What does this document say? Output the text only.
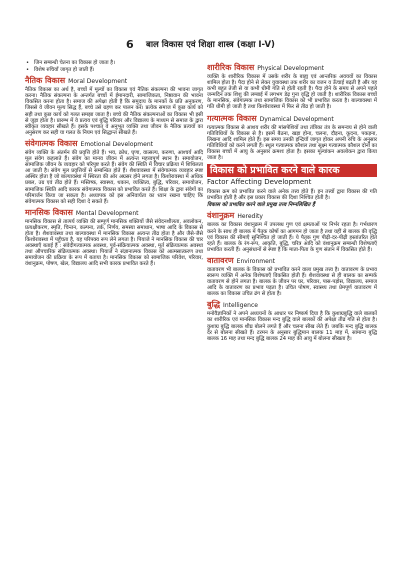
6 बाल विकास एवं शिक्षा शास्त्र (कक्षा I-V)

• जिन सम्बन्धी चेतना का विकास हो जाता है।

• विशेष रुचियाँ जागृत हो जाती हैं।

नैतिक विकास Moral Development

नैतिक विकास का अर्थ है, बच्चों में मूल्यों का विकास एवं नैतिक संकल्पना की भावना जागृत करना। नैतिक संकल्पना के अन्तर्गत बच्चों में ईमानदारी, सामाजिकता, निष्ठावान की भावना विकसित करना होता है। समाज की अपेक्षा होती है कि समुदाय के मानकों के प्रति अनुकरण, जिससे वे जीवन मूल्य सिद्ध हैं, बच्चे उसे ग्रहण कर पालन करें। प्रत्येक समाज में कुछ कार्य को सही तथा कुछ कार्य को गलत समझा जाता है। बच्चे की नैतिक संकल्पनाओं का विकास भी इसी से जुड़ा होता है। प्रारम्भ में वे प्रत्यय एवं बुद्धि परिवार और विद्यालय के माध्यम से समाज के द्वारा स्वीकृत व्यवहार सीखते हैं। इसके पश्चात् वे अनुभूत व्यक्ति तथा जीवन के नैतिक प्रत्ययों का अनुसरण कर सही या गलत के नियम एवं सिद्धान्त सीखते हैं।

संवेगात्मक विकास Emotional Development

संवेग व्यक्ति के अंतर्मन की प्रवृत्ति होते हैं। भय, क्रोध, घृणा, वात्सल्य, करुणा, आश्चर्य आदि मूल संवेग कहलाते हैं। संवेग का मानव जीवन में अत्यन्त महत्त्वपूर्ण स्थान है। समायोजन, सामाजिक जीवन के व्यवहार को परिपुष्ट करते हैं। संवेग की स्थिति में विचार प्रक्रिया में शिथिलता आ जाती है। संवेग मूल प्रवृत्तियों से सम्बन्धित होते हैं। शैशवावस्था में संवेगात्मक व्यवहार स्पष्ट अस्थिर होता है जो बाल्यावस्था में स्थिरता की ओर अग्रसर होने लगता है। किशोरावस्था में अधिक प्रबल, उग्र एवं तीव्र होते हैं। मस्तिष्क, स्वास्थ्य, थकान, व्यक्तित्व, बुद्धि, परिवार, समायोजन, सामाजिक स्थिति आदि कारक संवेगात्मक विकास को प्रभावित करते हैं। शिक्षा के द्वारा संवेगों का परिमार्जन किया जा सकता है। अध्यापक को इस अनिवार्यता का ध्यान रखना चाहिए कि संवेगात्मक विकास को सही दिशा दे सकते हैं।

मानसिक विकास Mental Development

मानसिक विकास से तात्पर्य व्यक्ति की सम्पूर्ण मानसिक शक्तियों जैसे संवेदनशीलता, अवलोकन, प्रत्यक्षीकरण, स्मृति, चिन्तन, कल्पना, तर्क, निर्णय, समस्या समाधान, भाषा आदि के विकास से होता है। शैशवावस्था तथा बाल्यावस्था में मानसिक विकास अत्यन्त तीव्र होता है और जैसे-जैसे किशोरावस्था में पहुँचता है, यह परिपक्व रूप लेने लगता है। पियाजे ने मानसिक विकास की चार अवस्थाएँ बताई हैं : संवेदीगत्यात्मक अवस्था, पूर्व-संक्रियात्मक अवस्था, मूर्त संक्रियात्मक अवस्था तथा औपचारिक संक्रियात्मक अवस्था। पियाजे ने संज्ञानात्मक विकास को आत्मसात्करण तथा समायोजन की प्रक्रिया के रूप में बताया है। मानसिक विकास को सामाजिक परिवेश, परिवार, वंशानुक्रम, पोषण, खेल, विद्यालय आदि सभी कारक प्रभावित करते हैं।

शारीरिक विकास Physical Development

व्यक्ति के शारीरिक विकास में उसके शरीर के बाह्य एवं आन्तरिक अवयवों का विकास शामिल होता है। पैदा होने से लेकर युवावस्था तक शरीर का वजन व ऊँचाई बढ़ती है और यह कभी बहुत तेजी से या कभी धीमी गति से होती रहती है। पैदा होने के समय से अपने पहले जन्मदिन तक शिशु की लम्बाई में लगभग डेढ़ गुना वृद्धि हो जाती है। शारीरिक विकास बच्चों के मानसिक, संवेगात्मक तथा सामाजिक विकास को भी प्रभावित करता है। बाल्यावस्था में गति धीमी हो जाती है तथा किशोरावस्था में फिर से तीव्र हो जाती है।

गत्यात्मक विकास Dynamical Development

गत्यात्मक विकास से आशय शरीर की मांसपेशियों तथा तंत्रिका तंत्र के समन्वय से होने वाली गतिविधियों के विकास से है। इसमें बैठना, खड़ा होना, चलना, दौड़ना, कूदना, पकड़ना, लिखना आदि शामिल होते हैं। इस समय उनकी इन्द्रियाँ जागृत होकर अपनी रुचि के अनुसार गतिविधियों को करने लगती हैं। स्थूल गत्यात्मक कौशल तथा सूक्ष्म गत्यात्मक कौशल दोनों का विकास बच्चों में आयु के अनुसार क्रमशः होता है। इसका मूल्यांकन अवलोकन द्वारा किया जाता है।

विकास को प्रभावित करने वाले कारक
Factor Affecting Development

विकास क्रम को प्रभावित करने वाले अनेक तत्त्व होते हैं। इन तत्त्वों द्वारा विकास की गति प्रभावित होती है और इस प्रकार विकास की दिशा निश्चित होती है।

विकास को प्रभावित करने वाले प्रमुख तत्त्व निम्नलिखित हैं

वंशानुक्रम Heredity

बालक का विकास वंशानुक्रम में उपलब्ध गुण एवं क्षमताओं पर निर्भर रहता है। गर्भधारण करने के साथ ही बालक में पैतृक कोषों का आगमन हो जाता है तथा यहीं से बालक की वृद्धि एवं विकास की सीमाएँ सुनिश्चित हो जाती हैं। ये पैतृक गुण पीढ़ी-दर-पीढ़ी हस्तांतरित होते रहते हैं। बालक के रंग-रूप, आकृति, बुद्धि, चरित्र आदि को वंशानुक्रम सम्बन्धी विशेषताएँ प्रभावित करती हैं। अनुसंधानों से स्पष्ट है कि माता-पिता के गुण संतान में विकसित होते हैं।

वातावरण Environment

वातावरण भी बालक के विकास को प्रभावित करने वाला प्रमुख तत्त्व है। वातावरण के प्रभाव स्वरूप व्यक्ति में अनेक विशेषताएँ विकसित होती हैं। शैशवावस्था से ही बालक का सम्पर्क वातावरण से होने लगता है। बालक के जीवन पर घर, परिवार, पास-पड़ोस, विद्यालय, समाज आदि के वातावरण का प्रभाव पड़ता है। उचित पोषण, स्वास्थ्य तथा प्रेमपूर्ण वातावरण में बालक का विकास उचित ढंग से होता है।

बुद्धि Intelligence

मनोवैज्ञानिकों ने अपने अध्ययनों के आधार पर निष्कर्ष दिया है कि कुशाग्रबुद्धि वाले बालकों का शारीरिक एवं मानसिक विकास मन्द बुद्धि वाले बालकों की अपेक्षा तीव्र गति से होता है। कुशाग्र बुद्धि बालक शीघ्र बोलने लगते हैं और चलना सीख लेते हैं। जबकि मन्द बुद्धि बालक देर से बोलना सीखते हैं। टरमन के अनुसार बुद्धिमान बालक 11 माह में, सामान्य बुद्धि बालक 16 माह तथा मन्द बुद्धि बालक 24 माह की आयु में बोलना सीखता है।
